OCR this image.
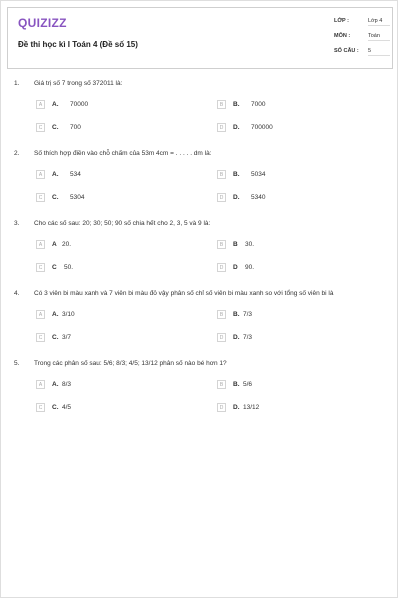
QUIZIZZ
Đề thi học kì I Toán 4 (Đề số 15)
LỚP :	Lớp 4
MÔN :	Toán
SỐ CÂU : 5
1. Giá trị số 7 trong số 372011 là:
A	A. 70000	B	B. 7000
C	C. 700	D	D. 700000
2. Số thích hợp điền vào chỗ chấm của 53m 4cm = . . . . . dm là:
A	A. 534	B	B. 5034
C	C. 5304	D	D. 5340
3. Cho các số sau: 20; 30; 50; 90 số chia hết cho 2, 3, 5 và 9 là:
A	A 20.	B	B 30.
C	C 50.	D	D 90.
4. Có 3 viên bi màu xanh và 7 viên bi màu đỏ vậy phân số chỉ số viên bi màu xanh so với tổng số viên bi là
A	A. 3/10	B	B. 7/3
C	C. 3/7	D	D. 7/3
5. Trong các phân số sau: 5/6; 8/3; 4/5; 13/12 phân số nào bé hơn 1?
A	A. 8/3	B	B. 5/6
C	C. 4/5	D	D. 13/12
